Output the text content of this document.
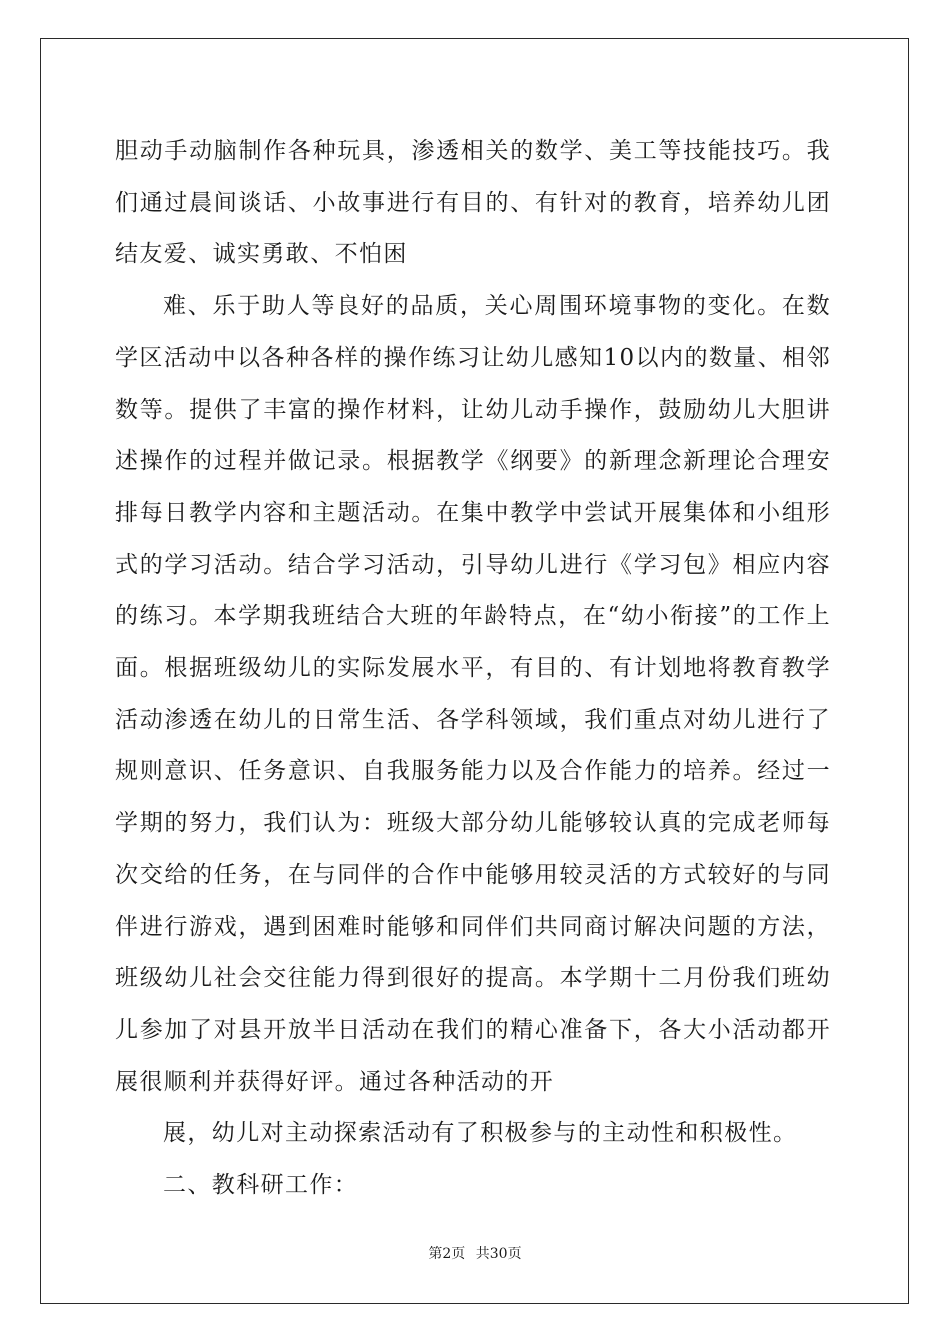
胆动手动脑制作各种玩具，渗透相关的数学、美工等技能技巧。我们通过晨间谈话、小故事进行有目的、有针对的教育，培养幼儿团结友爱、诚实勇敢、不怕困

难、乐于助人等良好的品质，关心周围环境事物的变化。在数学区活动中以各种各样的操作练习让幼儿感知10以内的数量、相邻数等。提供了丰富的操作材料，让幼儿动手操作，鼓励幼儿大胆讲述操作的过程并做记录。根据教学《纲要》的新理念新理论合理安排每日教学内容和主题活动。在集中教学中尝试开展集体和小组形式的学习活动。结合学习活动，引导幼儿进行《学习包》相应内容的练习。本学期我班结合大班的年龄特点，在“幼小衔接”的工作上面。根据班级幼儿的实际发展水平，有目的、有计划地将教育教学活动渗透在幼儿的日常生活、各学科领域，我们重点对幼儿进行了规则意识、任务意识、自我服务能力以及合作能力的培养。经过一学期的努力，我们认为：班级大部分幼儿能够较认真的完成老师每次交给的任务，在与同伴的合作中能够用较灵活的方式较好的与同伴进行游戏，遇到困难时能够和同伴们共同商讨解决问题的方法，班级幼儿社会交往能力得到很好的提高。本学期十二月份我们班幼儿参加了对县开放半日活动在我们的精心准备下，各大小活动都开展很顺利并获得好评。通过各种活动的开

展，幼儿对主动探索活动有了积极参与的主动性和积极性。

二、教科研工作：

第2页 共30页
